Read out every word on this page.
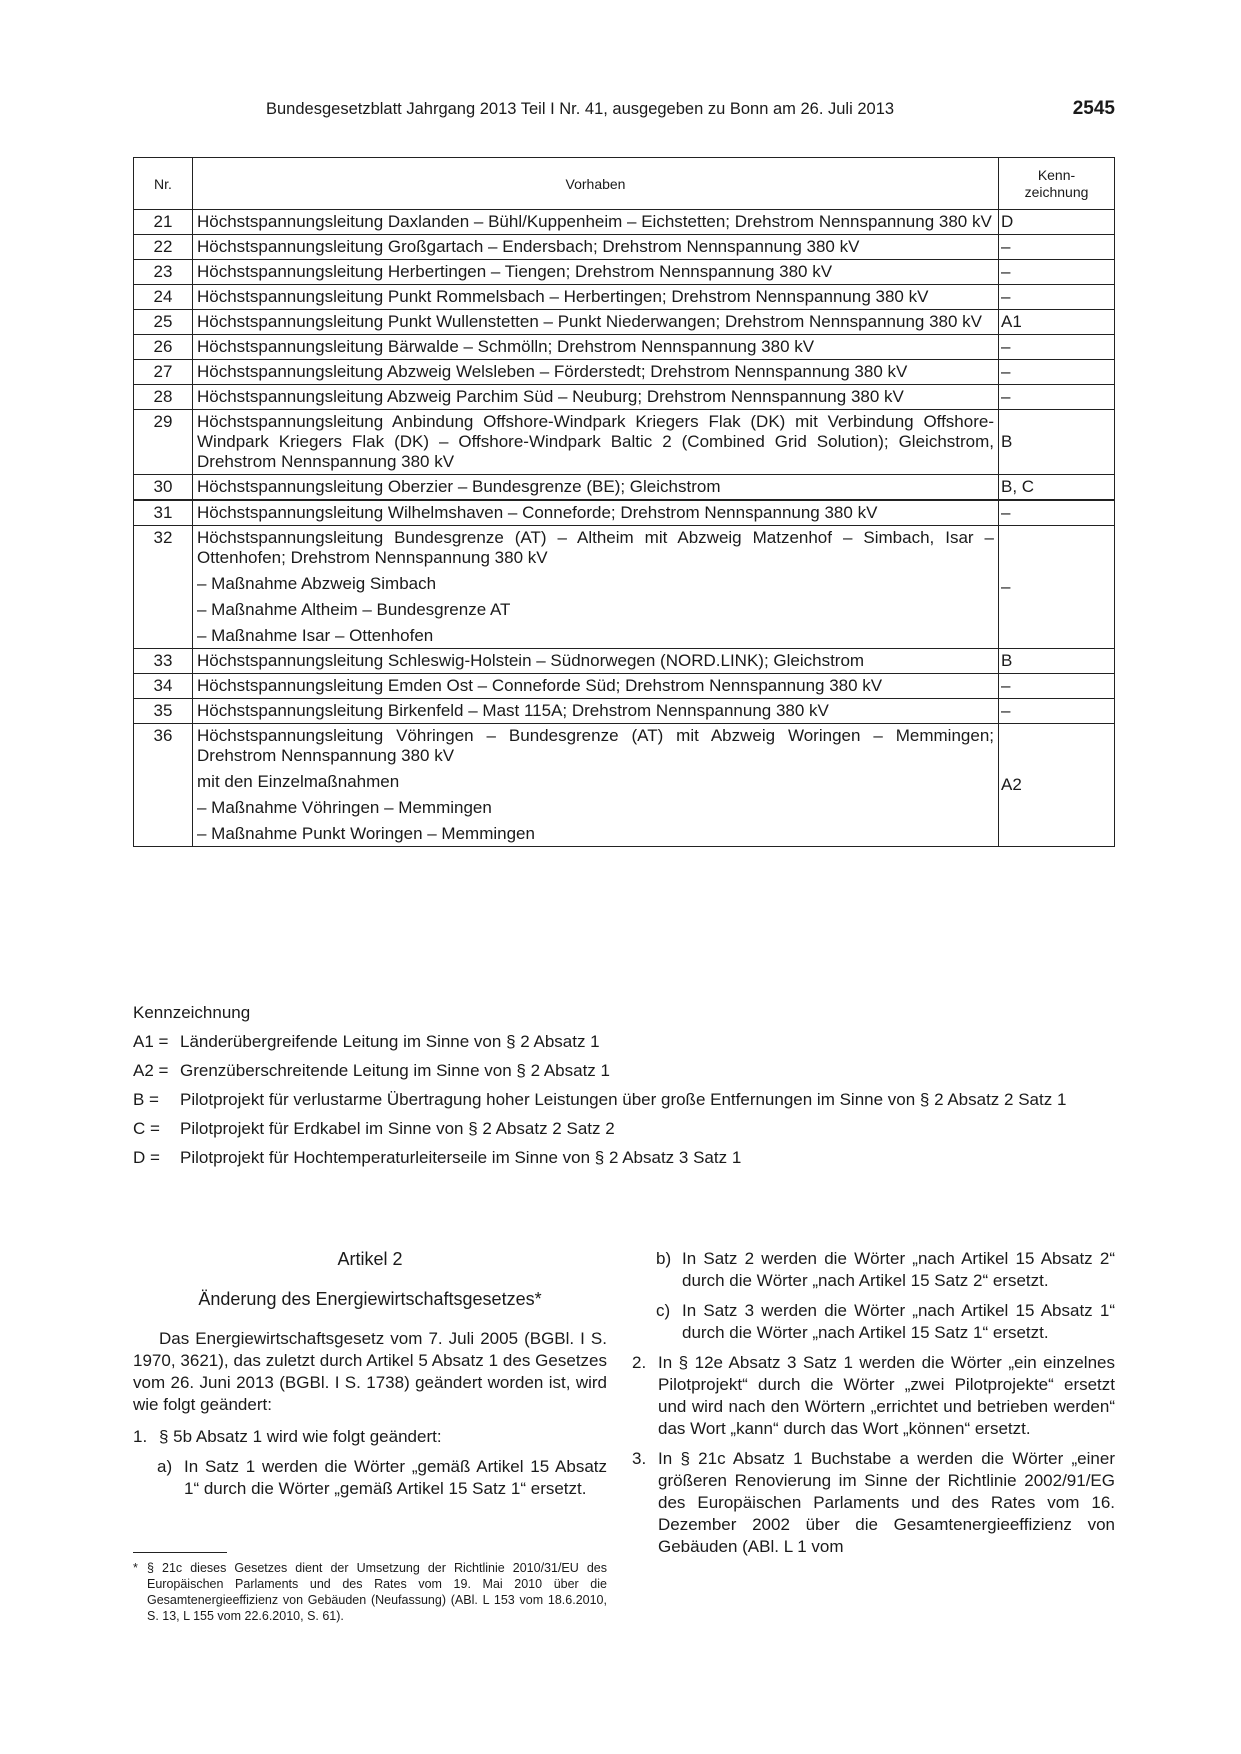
Bundesgesetzblatt Jahrgang 2013 Teil I Nr. 41, ausgegeben zu Bonn am 26. Juli 2013	2545
Nr.	Vorhaben	Kenn-
zeichnung
21	Höchstspannungsleitung Daxlanden – Bühl/Kuppenheim – Eichstetten; Drehstrom Nennspannung 380 kV	D
22	Höchstspannungsleitung Großgartach – Endersbach; Drehstrom Nennspannung 380 kV	–
23	Höchstspannungsleitung Herbertingen – Tiengen; Drehstrom Nennspannung 380 kV	–
24	Höchstspannungsleitung Punkt Rommelsbach – Herbertingen; Drehstrom Nennspannung 380 kV	–
25	Höchstspannungsleitung Punkt Wullenstetten – Punkt Niederwangen; Drehstrom Nennspannung 380 kV	A1
26	Höchstspannungsleitung Bärwalde – Schmölln; Drehstrom Nennspannung 380 kV	–
27	Höchstspannungsleitung Abzweig Welsleben – Förderstedt; Drehstrom Nennspannung 380 kV	–
28	Höchstspannungsleitung Abzweig Parchim Süd – Neuburg; Drehstrom Nennspannung 380 kV	–
29	Höchstspannungsleitung Anbindung Offshore-Windpark Kriegers Flak (DK) mit Verbindung Offshore-Windpark Kriegers Flak (DK) – Offshore-Windpark Baltic 2 (Combined Grid Solution); Gleichstrom, Drehstrom Nennspannung 380 kV	B
30	Höchstspannungsleitung Oberzier – Bundesgrenze (BE); Gleichstrom	B, C
31	Höchstspannungsleitung Wilhelmshaven – Conneforde; Drehstrom Nennspannung 380 kV	–
32	Höchstspannungsleitung Bundesgrenze (AT) – Altheim mit Abzweig Matzenhof – Simbach, Isar – Ottenhofen; Drehstrom Nennspannung 380 kV
– Maßnahme Abzweig Simbach
– Maßnahme Altheim – Bundesgrenze AT
– Maßnahme Isar – Ottenhofen	–
33	Höchstspannungsleitung Schleswig-Holstein – Südnorwegen (NORD.LINK); Gleichstrom	B
34	Höchstspannungsleitung Emden Ost – Conneforde Süd; Drehstrom Nennspannung 380 kV	–
35	Höchstspannungsleitung Birkenfeld – Mast 115A; Drehstrom Nennspannung 380 kV	–
36	Höchstspannungsleitung Vöhringen – Bundesgrenze (AT) mit Abzweig Woringen – Memmingen; Drehstrom Nennspannung 380 kV
mit den Einzelmaßnahmen
– Maßnahme Vöhringen – Memmingen
– Maßnahme Punkt Woringen – Memmingen	A2
Kennzeichnung
A1 = Länderübergreifende Leitung im Sinne von § 2 Absatz 1
A2 = Grenzüberschreitende Leitung im Sinne von § 2 Absatz 1
B =	Pilotprojekt für verlustarme Übertragung hoher Leistungen über große Entfernungen im Sinne von § 2 Absatz 2 Satz 1
C =	Pilotprojekt für Erdkabel im Sinne von § 2 Absatz 2 Satz 2
D =	Pilotprojekt für Hochtemperaturleiterseile im Sinne von § 2 Absatz 3 Satz 1
Artikel 2
Änderung des Energiewirtschaftsgesetzes*
Das Energiewirtschaftsgesetz vom 7. Juli 2005 (BGBl. I S. 1970, 3621), das zuletzt durch Artikel 5 Absatz 1 des Gesetzes vom 26. Juni 2013 (BGBl. I S. 1738) geändert worden ist, wird wie folgt geändert:
1. § 5b Absatz 1 wird wie folgt geändert:
a) In Satz 1 werden die Wörter „gemäß Artikel 15 Absatz 1“ durch die Wörter „gemäß Artikel 15 Satz 1“ ersetzt.
b) In Satz 2 werden die Wörter „nach Artikel 15 Absatz 2“ durch die Wörter „nach Artikel 15 Satz 2“ ersetzt.
c) In Satz 3 werden die Wörter „nach Artikel 15 Absatz 1“ durch die Wörter „nach Artikel 15 Satz 1“ ersetzt.
2. In § 12e Absatz 3 Satz 1 werden die Wörter „ein einzelnes Pilotprojekt“ durch die Wörter „zwei Pilotprojekte“ ersetzt und wird nach den Wörtern „errichtet und betrieben werden“ das Wort „kann“ durch das Wort „können“ ersetzt.
3. In § 21c Absatz 1 Buchstabe a werden die Wörter „einer größeren Renovierung im Sinne der Richtlinie 2002/91/EG des Europäischen Parlaments und des Rates vom 16. Dezember 2002 über die Gesamtenergieeffizienz von Gebäuden (ABl. L 1 vom
* § 21c dieses Gesetzes dient der Umsetzung der Richtlinie 2010/31/EU des Europäischen Parlaments und des Rates vom 19. Mai 2010 über die Gesamtenergieeffizienz von Gebäuden (Neufassung) (ABl. L 153 vom 18.6.2010, S. 13, L 155 vom 22.6.2010, S. 61).
